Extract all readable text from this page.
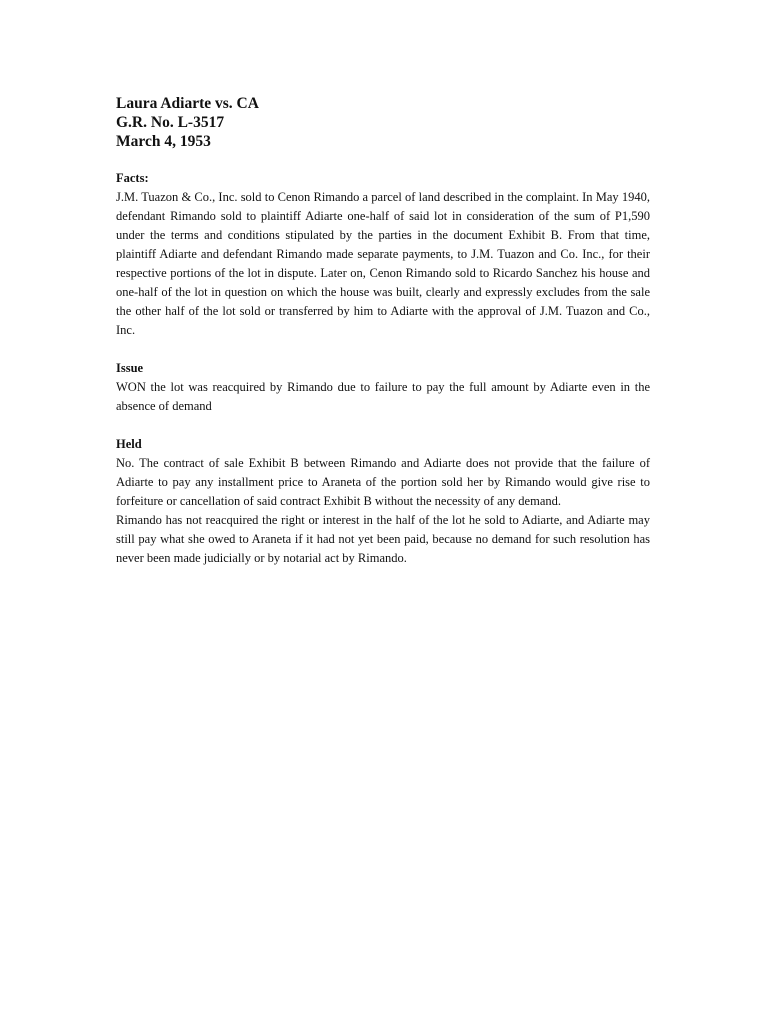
Laura Adiarte vs. CA
G.R. No. L-3517
March 4, 1953
Facts:

J.M. Tuazon & Co., Inc. sold to Cenon Rimando a parcel of land described in the complaint. In May 1940, defendant Rimando sold to plaintiff Adiarte one-half of said lot in consideration of the sum of P1,590 under the terms and conditions stipulated by the parties in the document Exhibit B. From that time, plaintiff Adiarte and defendant Rimando made separate payments, to J.M. Tuazon and Co. Inc., for their respective portions of the lot in dispute. Later on, Cenon Rimando sold to Ricardo Sanchez his house and one-half of the lot in question on which the house was built, clearly and expressly excludes from the sale the other half of the lot sold or transferred by him to Adiarte with the approval of J.M. Tuazon and Co., Inc.

Issue

WON the lot was reacquired by Rimando due to failure to pay the full amount by Adiarte even in the absence of demand

Held

No. The contract of sale Exhibit B between Rimando and Adiarte does not provide that the failure of Adiarte to pay any installment price to Araneta of the portion sold her by Rimando would give rise to forfeiture or cancellation of said contract Exhibit B without the necessity of any demand.

Rimando has not reacquired the right or interest in the half of the lot he sold to Adiarte, and Adiarte may still pay what she owed to Araneta if it had not yet been paid, because no demand for such resolution has never been made judicially or by notarial act by Rimando.
